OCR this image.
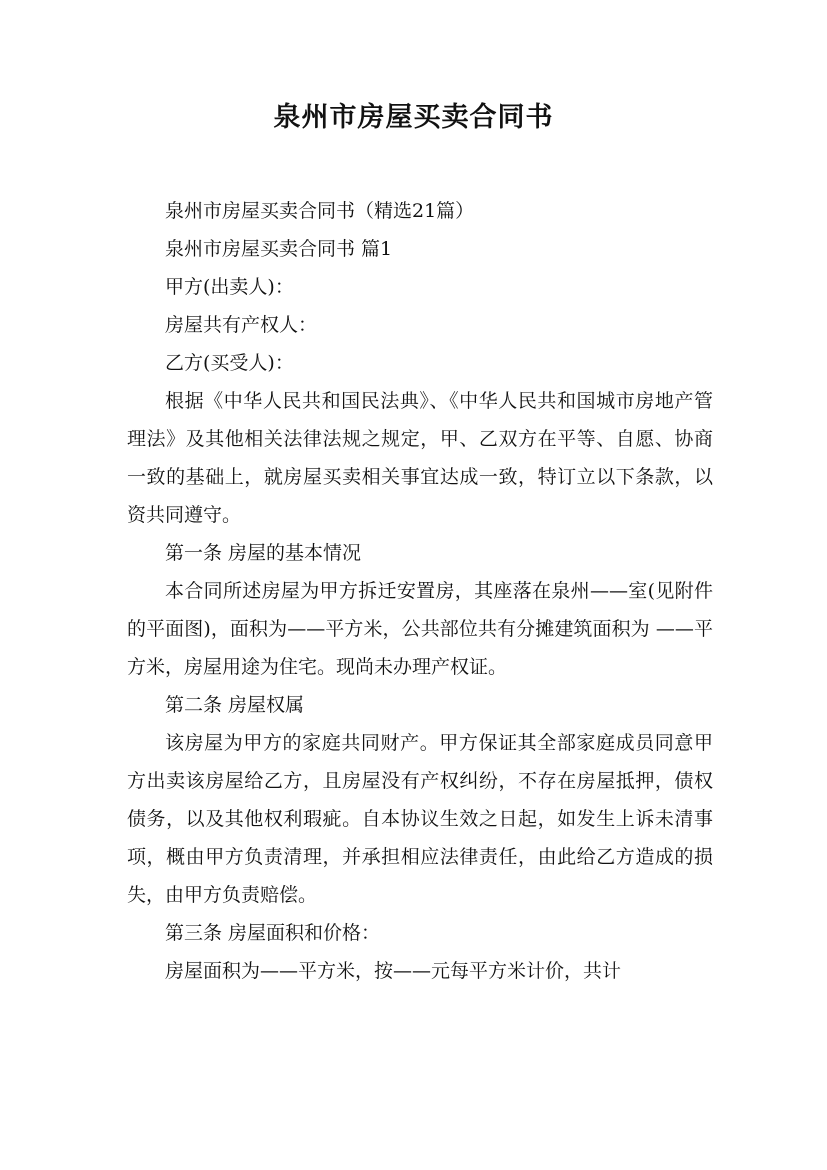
泉州市房屋买卖合同书

泉州市房屋买卖合同书（精选21篇）

泉州市房屋买卖合同书 篇1

甲方(出卖人)：

房屋共有产权人：

乙方(买受人)：

根据《中华人民共和国民法典》、《中华人民共和国城市房地产管理法》及其他相关法律法规之规定，甲、乙双方在平等、自愿、协商一致的基础上，就房屋买卖相关事宜达成一致，特订立以下条款，以资共同遵守。

第一条 房屋的基本情况

本合同所述房屋为甲方拆迁安置房，其座落在泉州——室(见附件的平面图)，面积为——平方米，公共部位共有分摊建筑面积为 ——平方米，房屋用途为住宅。现尚未办理产权证。

第二条 房屋权属

该房屋为甲方的家庭共同财产。甲方保证其全部家庭成员同意甲方出卖该房屋给乙方，且房屋没有产权纠纷，不存在房屋抵押，债权债务，以及其他权利瑕疵。自本协议生效之日起，如发生上诉未清事项，概由甲方负责清理，并承担相应法律责任，由此给乙方造成的损失，由甲方负责赔偿。

第三条 房屋面积和价格：

房屋面积为——平方米，按——元每平方米计价，共计
